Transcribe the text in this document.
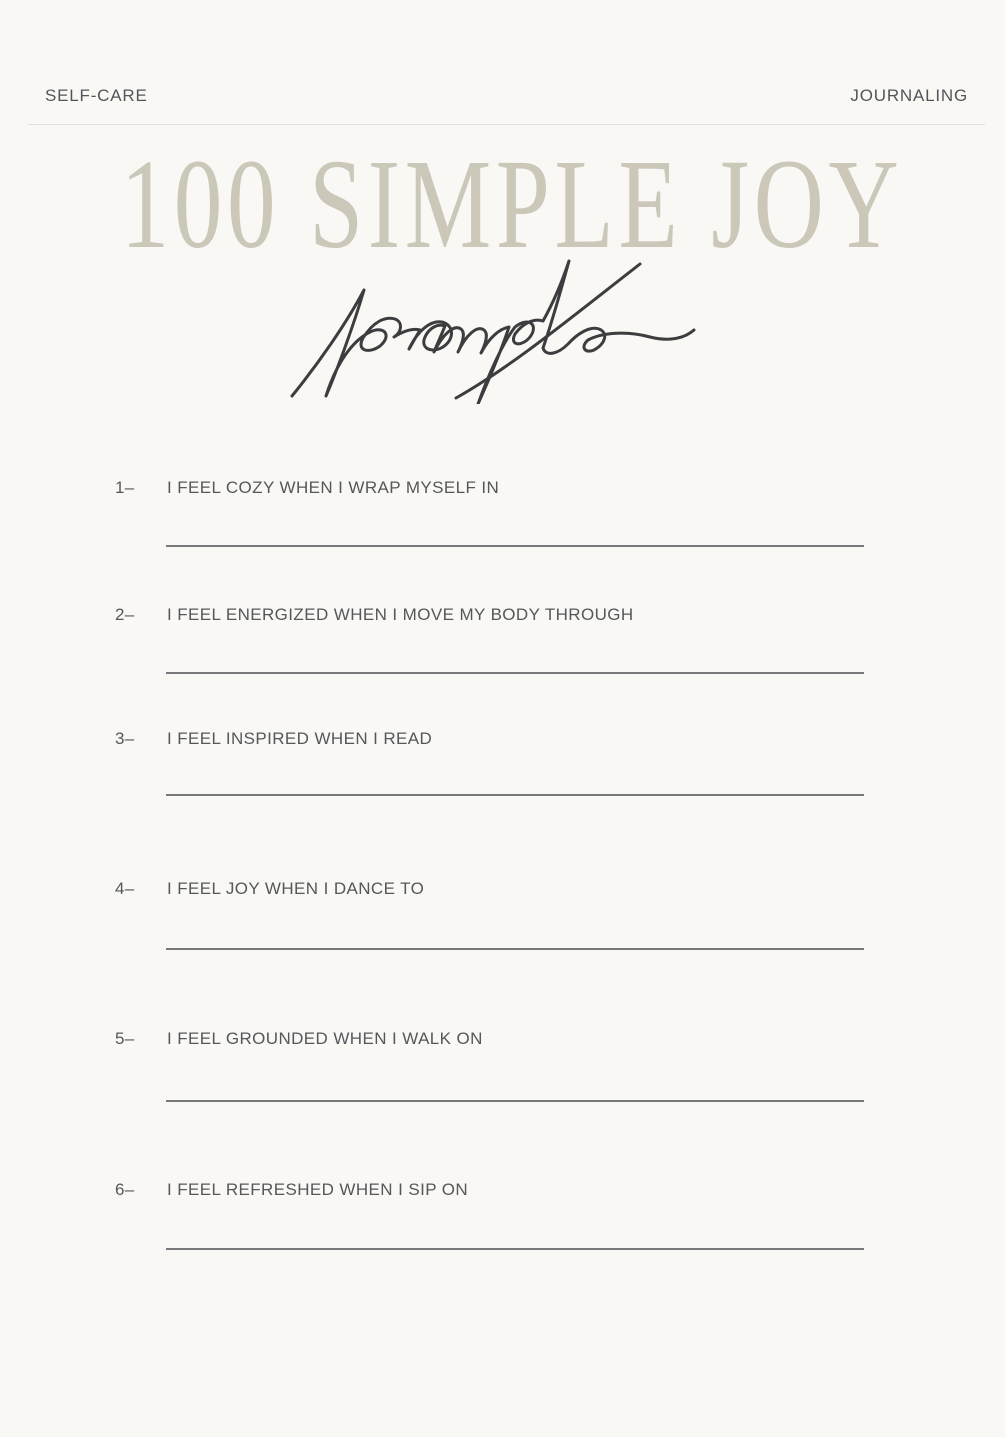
SELF-CARE	JOURNALING
100 SIMPLE JOY
1– I FEEL COZY WHEN I WRAP MYSELF IN
2– I FEEL ENERGIZED WHEN I MOVE MY BODY THROUGH
3– I FEEL INSPIRED WHEN I READ
4– I FEEL JOY WHEN I DANCE TO
5– I FEEL GROUNDED WHEN I WALK ON
6– I FEEL REFRESHED WHEN I SIP ON
